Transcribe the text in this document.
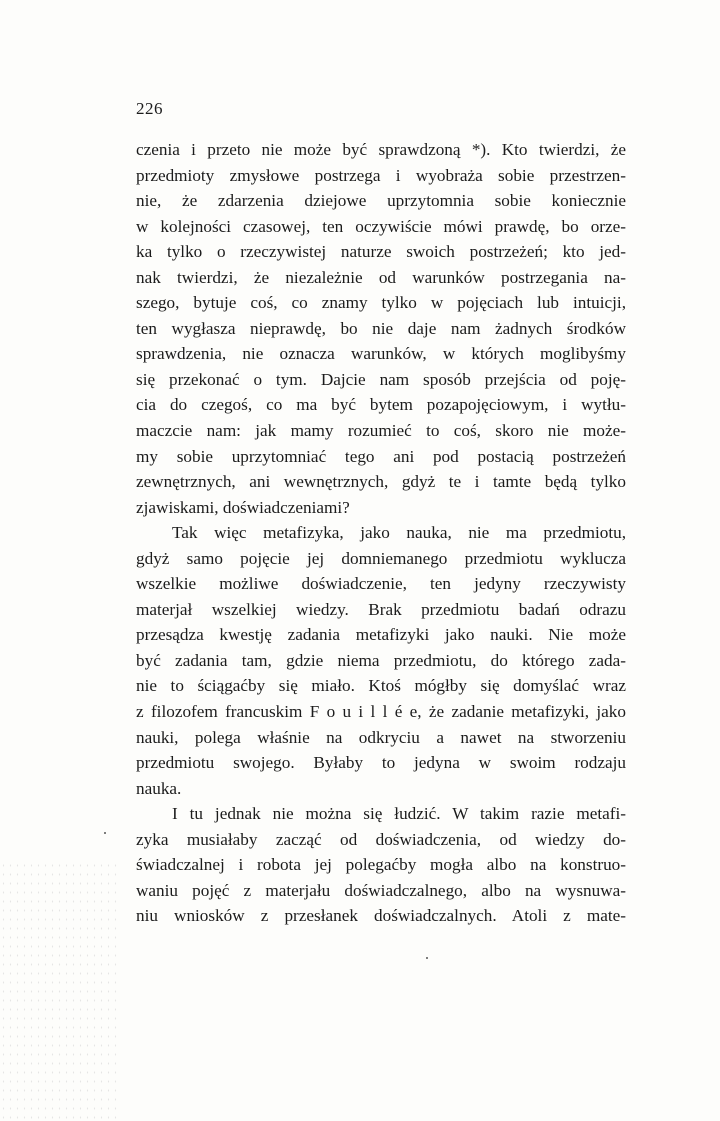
226
czenia i przeto nie może być sprawdzoną *). Kto twierdzi, że
przedmioty zmysłowe postrzega i wyobraża sobie przestrzen-
nie, że zdarzenia dziejowe uprzytomnia sobie koniecznie
w kolejności czasowej, ten oczywiście mówi prawdę, bo orze-
ka tylko o rzeczywistej naturze swoich postrzeżeń; kto jed-
nak twierdzi, że niezależnie od warunków postrzegania na-
szego, bytuje coś, co znamy tylko w pojęciach lub intuicji,
ten wygłasza nieprawdę, bo nie daje nam żadnych środków
sprawdzenia, nie oznacza warunków, w których moglibyśmy
się przekonać o tym. Dajcie nam sposób przejścia od poję-
cia do czegoś, co ma być bytem pozapojęciowym, i wytłu-
maczcie nam: jak mamy rozumieć to coś, skoro nie może-
my sobie uprzytomniać tego ani pod postacią postrzeżeń
zewnętrznych, ani wewnętrznych, gdyż te i tamte będą tylko
zjawiskami, doświadczeniami?
Tak więc metafizyka, jako nauka, nie ma przedmiotu,
gdyż samo pojęcie jej domniemanego przedmiotu wyklucza
wszelkie możliwe doświadczenie, ten jedyny rzeczywisty
materjał wszelkiej wiedzy. Brak przedmiotu badań odrazu
przesądza kwestję zadania metafizyki jako nauki. Nie może
być zadania tam, gdzie niema przedmiotu, do którego zada-
nie to ściągaćby się miało. Ktoś mógłby się domyślać wraz
z filozofem francuskim F o u i l l é e, że zadanie metafizyki, jako
nauki, polega właśnie na odkryciu a nawet na stworzeniu
przedmiotu swojego. Byłaby to jedyna w swoim rodzaju
nauka.
I tu jednak nie można się łudzić. W takim razie metafi-
zyka musiałaby zacząć od doświadczenia, od wiedzy do-
świadczalnej i robota jej polegaćby mogła albo na konstruo-
waniu pojęć z materjału doświadczalnego, albo na wysnuwa-
niu wniosków z przesłanek doświadczalnych. Atoli z mate-
